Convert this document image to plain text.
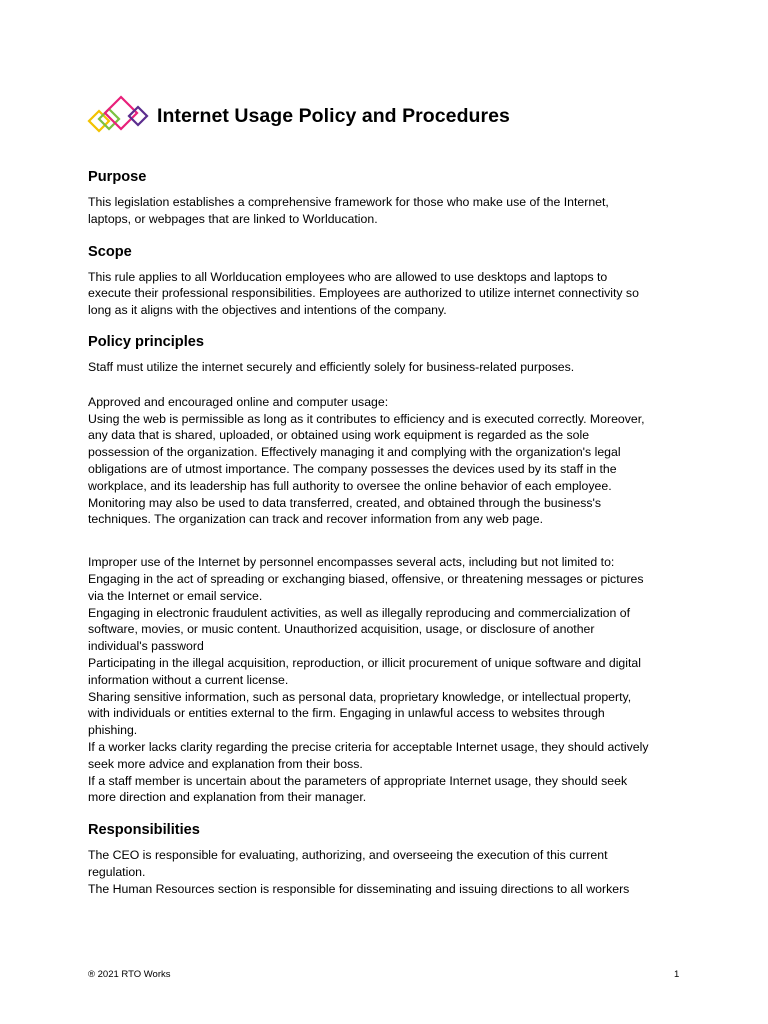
Internet Usage Policy and Procedures
Purpose

This legislation establishes a comprehensive framework for those who make use of the Internet,
laptops, or webpages that are linked to Worlducation.

Scope

This rule applies to all Worlducation employees who are allowed to use desktops and laptops to
execute their professional responsibilities. Employees are authorized to utilize internet connectivity so
long as it aligns with the objectives and intentions of the company.

Policy principles

Staff must utilize the internet securely and efficiently solely for business-related purposes.

Approved and encouraged online and computer usage:
Using the web is permissible as long as it contributes to efficiency and is executed correctly. Moreover,
any data that is shared, uploaded, or obtained using work equipment is regarded as the sole
possession of the organization. Effectively managing it and complying with the organization's legal
obligations are of utmost importance. The company possesses the devices used by its staff in the
workplace, and its leadership has full authority to oversee the online behavior of each employee.
Monitoring may also be used to data transferred, created, and obtained through the business's
techniques. The organization can track and recover information from any web page.

Improper use of the Internet by personnel encompasses several acts, including but not limited to:
Engaging in the act of spreading or exchanging biased, offensive, or threatening messages or pictures
via the Internet or email service.
Engaging in electronic fraudulent activities, as well as illegally reproducing and commercialization of
software, movies, or music content. Unauthorized acquisition, usage, or disclosure of another
individual's password
Participating in the illegal acquisition, reproduction, or illicit procurement of unique software and digital
information without a current license.
Sharing sensitive information, such as personal data, proprietary knowledge, or intellectual property,
with individuals or entities external to the firm. Engaging in unlawful access to websites through
phishing.
If a worker lacks clarity regarding the precise criteria for acceptable Internet usage, they should actively
seek more advice and explanation from their boss.
If a staff member is uncertain about the parameters of appropriate Internet usage, they should seek
more direction and explanation from their manager.

Responsibilities

The CEO is responsible for evaluating, authorizing, and overseeing the execution of this current
regulation.
The Human Resources section is responsible for disseminating and issuing directions to all workers

® 2021 RTO Works	1
